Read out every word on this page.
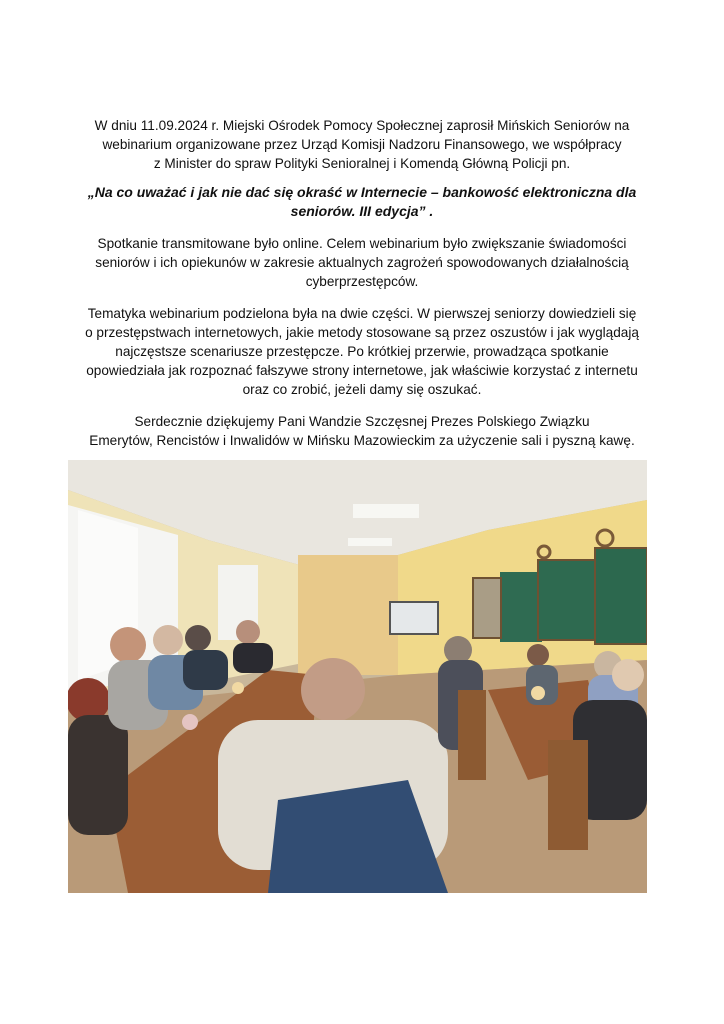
W dniu 11.09.2024 r. Miejski Ośrodek Pomocy Społecznej zaprosił Mińskich Seniorów na
webinarium organizowane przez Urząd Komisji Nadzoru Finansowego, we współpracy
z Minister do spraw Polityki Senioralnej i Komendą Główną Policji pn.

„Na co uważać i jak nie dać się okraść w Internecie – bankowość elektroniczna dla
seniorów. III edycja” .

Spotkanie transmitowane było online. Celem webinarium było zwiększanie świadomości
seniorów i ich opiekunów w zakresie aktualnych zagrożeń spowodowanych działalnością
cyberprzestępców.

Tematyka webinarium podzielona była na dwie części. W pierwszej seniorzy dowiedzieli się
o przestępstwach internetowych, jakie metody stosowane są przez oszustów i jak wyglądają
najczęstsze scenariusze przestępcze. Po krótkiej przerwie, prowadząca spotkanie
opowiedziała jak rozpoznać fałszywe strony internetowe, jak właściwie korzystać z internetu
oraz co zrobić, jeżeli damy się oszukać.

Serdecznie dziękujemy Pani Wandzie Szczęsnej Prezes Polskiego Związku
Emerytów, Rencistów i Inwalidów w Mińsku Mazowieckim za użyczenie sali i pyszną kawę.
